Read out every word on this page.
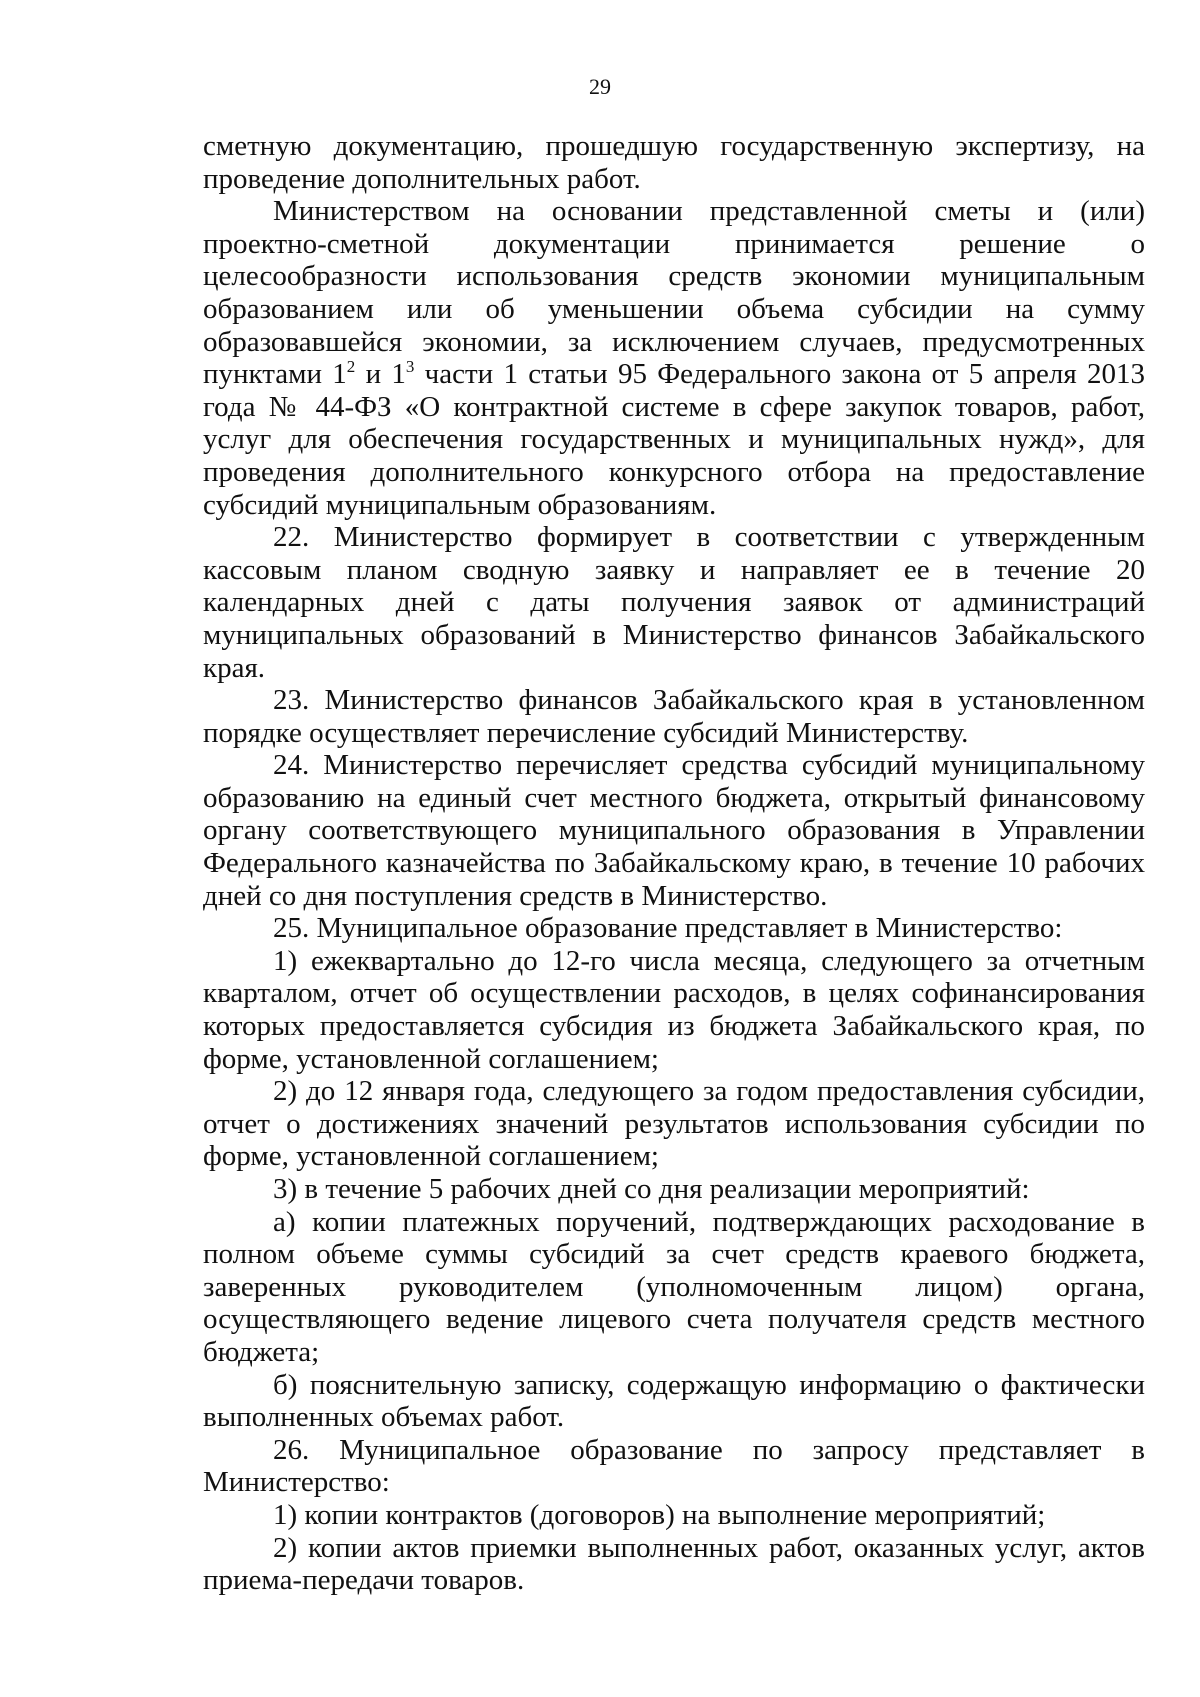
29

сметную документацию, прошедшую государственную экспертизу, на проведение дополнительных работ.

Министерством на основании представленной сметы и (или) проектно-сметной документации принимается решение о целесообразности использования средств экономии муниципальным образованием или об уменьшении объема субсидии на сумму образовавшейся экономии, за исключением случаев, предусмотренных пунктами $1^2$ и $1^3$ части 1 статьи 95 Федерального закона от 5 апреля 2013 года № 44-ФЗ «О контрактной системе в сфере закупок товаров, работ, услуг для обеспечения государственных и муниципальных нужд», для проведения дополнительного конкурсного отбора на предоставление субсидий муниципальным образованиям.

22. Министерство формирует в соответствии с утвержденным кассовым планом сводную заявку и направляет ее в течение 20 календарных дней с даты получения заявок от администраций муниципальных образований в Министерство финансов Забайкальского края.

23. Министерство финансов Забайкальского края в установленном порядке осуществляет перечисление субсидий Министерству.

24. Министерство перечисляет средства субсидий муниципальному образованию на единый счет местного бюджета, открытый финансовому органу соответствующего муниципального образования в Управлении Федерального казначейства по Забайкальскому краю, в течение 10 рабочих дней со дня поступления средств в Министерство.

25. Муниципальное образование представляет в Министерство:

1) ежеквартально до 12-го числа месяца, следующего за отчетным кварталом, отчет об осуществлении расходов, в целях софинансирования которых предоставляется субсидия из бюджета Забайкальского края, по форме, установленной соглашением;

2) до 12 января года, следующего за годом предоставления субсидии, отчет о достижениях значений результатов использования субсидии по форме, установленной соглашением;

3) в течение 5 рабочих дней со дня реализации мероприятий:

а) копии платежных поручений, подтверждающих расходование в полном объеме суммы субсидий за счет средств краевого бюджета, заверенных руководителем (уполномоченным лицом) органа, осуществляющего ведение лицевого счета получателя средств местного бюджета;

б) пояснительную записку, содержащую информацию о фактически выполненных объемах работ.

26. Муниципальное образование по запросу представляет в Министерство:

1) копии контрактов (договоров) на выполнение мероприятий;

2) копии актов приемки выполненных работ, оказанных услуг, актов приема-передачи товаров.
